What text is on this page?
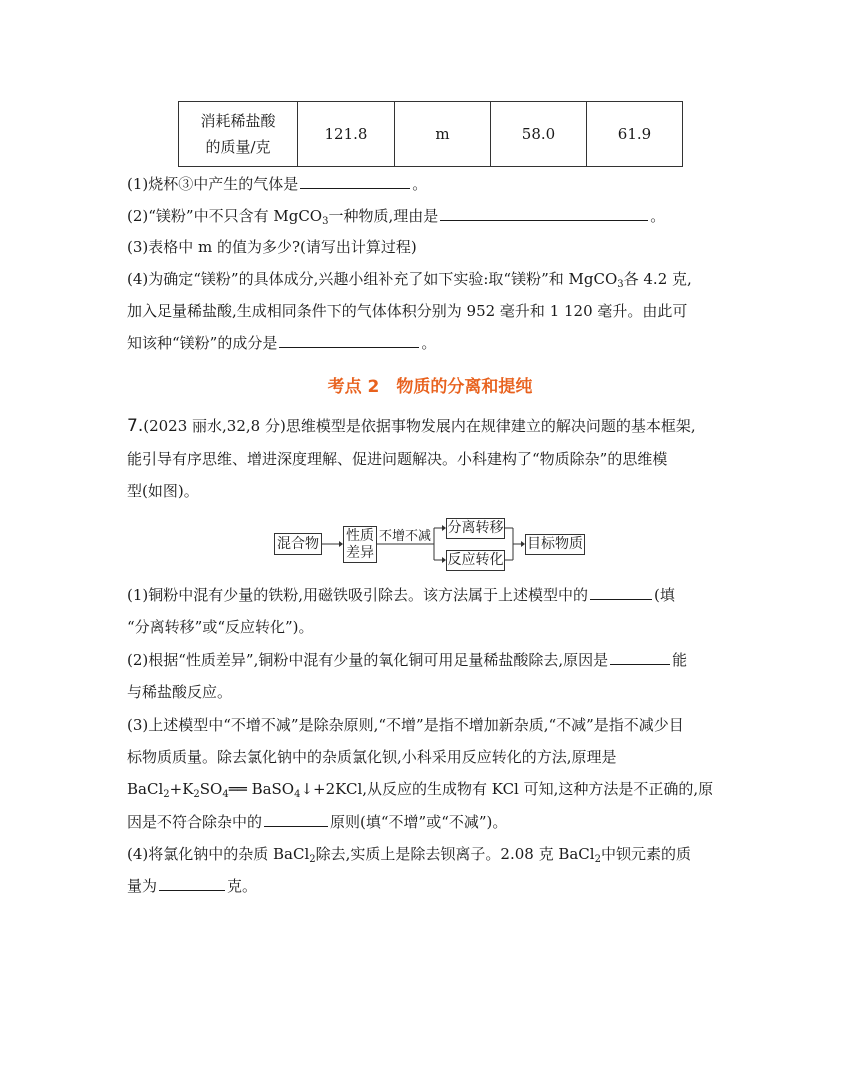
消耗稀盐酸
的质量/克
	121.8	m	58.0	61.9
(1)烧杯③中产生的气体是	。
(2)“镁粉”中不只含有 MgCO$_3$一种物质,理由是	。
(3)表格中 m 的值为多少?(请写出计算过程)
(4)为确定“镁粉”的具体成分,兴趣小组补充了如下实验:取“镁粉”和 MgCO$_3$各 4.2 克,
加入足量稀盐酸,生成相同条件下的气体体积分别为 952 毫升和 1 120 毫升。由此可
知该种“镁粉”的成分是	。
考点 2　物质的分离和提纯
7.(2023 丽水,32,8 分)思维模型是依据事物发展内在规律建立的解决问题的基本框架,
能引导有序思维、增进深度理解、促进问题解决。小科建构了“物质除杂”的思维模
型(如图)。
混合物 性质
差异
不增不减
分离转移
反应转化
目标物质
(1)铜粉中混有少量的铁粉,用磁铁吸引除去。该方法属于上述模型中的	(填
“分离转移”或“反应转化”)。
(2)根据“性质差异”,铜粉中混有少量的氧化铜可用足量稀盐酸除去,原因是	能
与稀盐酸反应。
(3)上述模型中“不增不减”是除杂原则,“不增”是指不增加新杂质,“不减”是指不减少目
标物质质量。除去氯化钠中的杂质氯化钡,小科采用反应转化的方法,原理是
$BaCl_2+K_2SO_4══$ BaSO$_4$↓+2KCl,从反应的生成物有 KCl 可知,这种方法是不正确的,原
因是不符合除杂中的	原则(填“不增”或“不减”)。
(4)将氯化钠中的杂质 BaCl$_2$除去,实质上是除去钡离子。2.08 克 BaCl$_2$中钡元素的质
量为	克。
